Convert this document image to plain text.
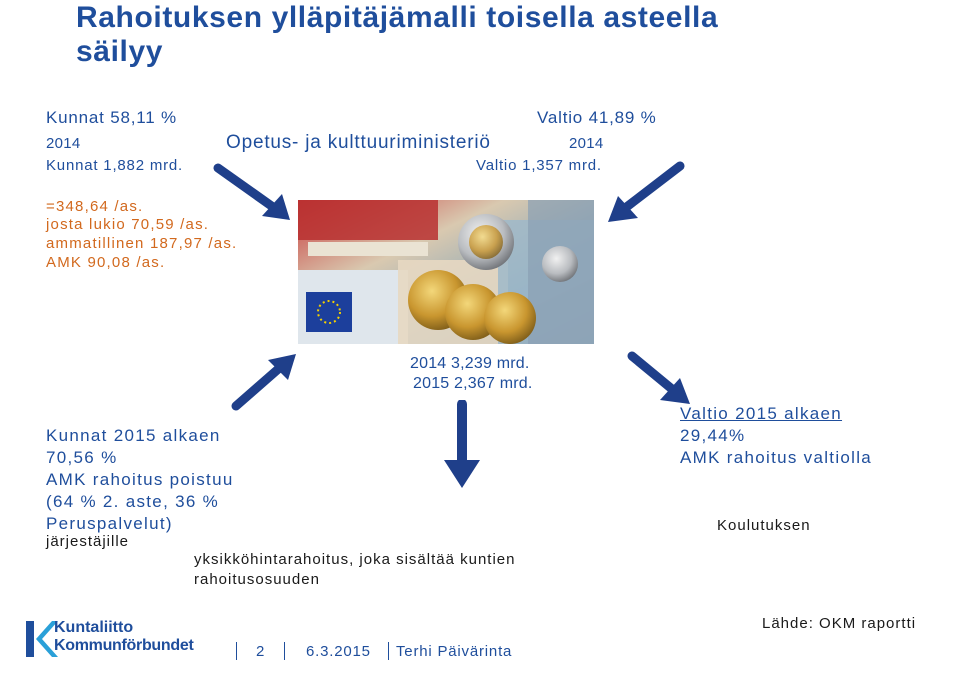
Rahoituksen ylläpitäjämalli toisella asteella
säilyy
Kunnat 58,11 %	Valtio 41,89 %
2014	Opetus- ja kulttuuriministeriö	2014
Kunnat 1,882 mrd.	Valtio 1,357 mrd.
=348,64 /as.
josta lukio 70,59 /as.
ammatillinen 187,97 /as.
AMK 90,08 /as.
2014 3,239 mrd.
2015 2,367 mrd.
Kunnat 2015 alkaen
70,56 %
AMK rahoitus poistuu
(64 % 2. aste, 36 %
Peruspalvelut)
järjestäjille
Valtio 2015 alkaen
29,44%
AMK rahoitus valtiolla
Koulutuksen
yksikköhintarahoitus, joka sisältää kuntien
rahoitusosuuden
Kuntaliitto
Kommunförbundet	2	6.3.2015 Terhi Päivärinta
Lähde: OKM raportti
